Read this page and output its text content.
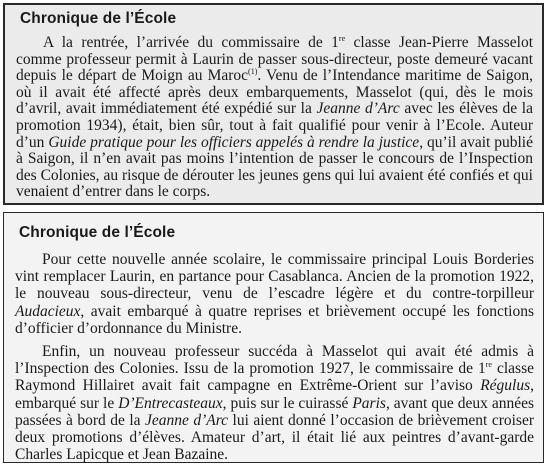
Chronique de l’École

A la rentrée, l’arrivée du commissaire de 1re classe Jean-Pierre Masselot comme professeur permit à Laurin de passer sous-directeur, poste demeuré vacant depuis le départ de Moign au Maroc$^{(1)}$. Venu de l’Intendance maritime de Saigon, où il avait été affecté après deux embarquements, Masselot (qui, dès le mois d’avril, avait immédiatement été expédié sur la Jeanne d’Arc avec les élèves de la promotion 1934), était, bien sûr, tout à fait qualifié pour venir à l’Ecole. Auteur d’un Guide pratique pour les officiers appelés à rendre la justice, qu’il avait publié à Saigon, il n’en avait pas moins l’intention de passer le concours de l’Inspection des Colonies, au risque de dérouter les jeunes gens qui lui avaient été confiés et qui venaient d’entrer dans le corps.

Chronique de l’École

Pour cette nouvelle année scolaire, le commissaire principal Louis Borderies vint remplacer Laurin, en partance pour Casablanca. Ancien de la promotion 1922, le nouveau sous-directeur, venu de l’escadre légère et du contre-torpilleur Audacieux, avait embarqué à quatre reprises et brièvement occupé les fonctions d’officier d’ordonnance du Ministre.

Enfin, un nouveau professeur succéda à Masselot qui avait été admis à l’Inspection des Colonies. Issu de la promotion 1927, le commissaire de 1re classe Raymond Hillairet avait fait campagne en Extrême-Orient sur l’aviso Régulus, embarqué sur le D’Entrecasteaux, puis sur le cuirassé Paris, avant que deux années passées à bord de la Jeanne d’Arc lui aient donné l’occasion de brièvement croiser deux promotions d’élèves. Amateur d’art, il était lié aux peintres d’avant-garde Charles Lapicque et Jean Bazaine.
